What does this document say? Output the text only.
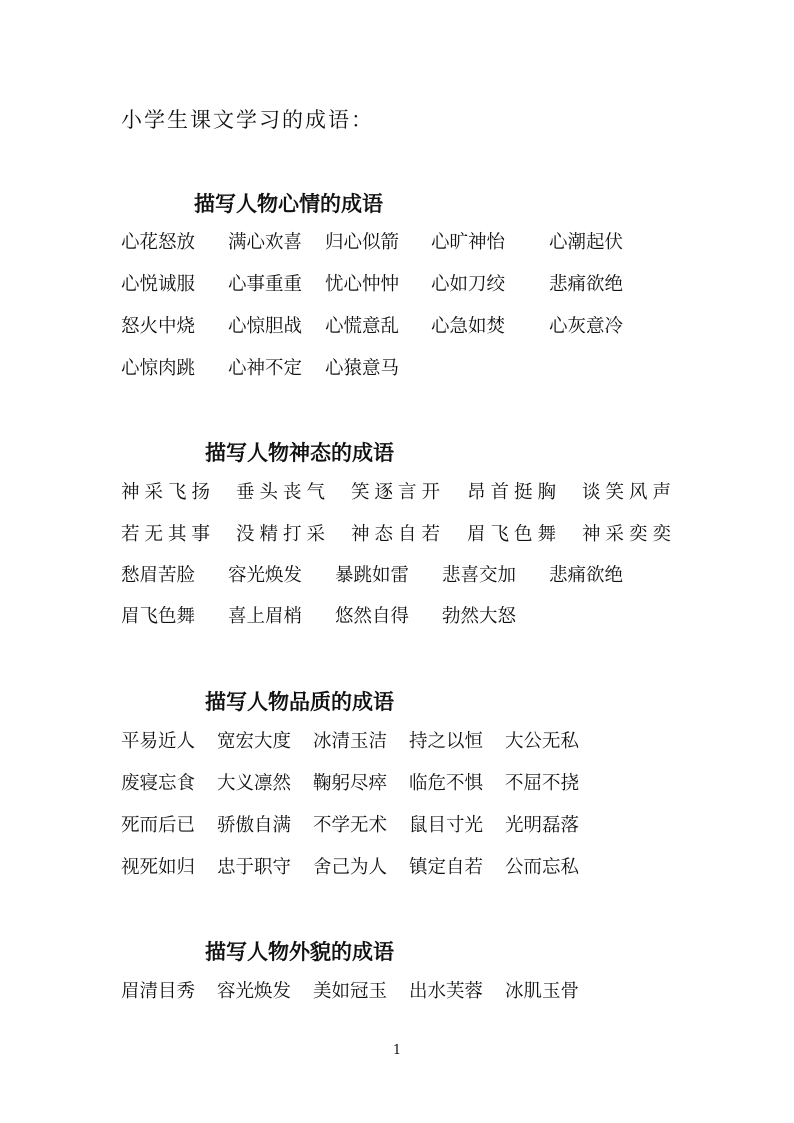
小学生课文学习的成语：
描写人物心情的成语
心花怒放 满心欢喜 归心似箭 心旷神怡 心潮起伏
心悦诚服 心事重重 忧心忡忡 心如刀绞 悲痛欲绝
怒火中烧 心惊胆战 心慌意乱 心急如焚 心灰意冷
心惊肉跳 心神不定 心猿意马
描写人物神态的成语
神采飞扬 垂头丧气 笑逐言开 昂首挺胸 谈笑风声
若无其事 没精打采 神态自若 眉飞色舞 神采奕奕
愁眉苦脸 容光焕发 暴跳如雷 悲喜交加 悲痛欲绝
眉飞色舞 喜上眉梢 悠然自得 勃然大怒
描写人物品质的成语
平易近人 宽宏大度 冰清玉洁 持之以恒 大公无私
废寝忘食 大义凛然 鞠躬尽瘁 临危不惧 不屈不挠
死而后已 骄傲自满 不学无术 鼠目寸光 光明磊落
视死如归 忠于职守 舍己为人 镇定自若 公而忘私
描写人物外貌的成语
眉清目秀 容光焕发 美如冠玉 出水芙蓉 冰肌玉骨
1
